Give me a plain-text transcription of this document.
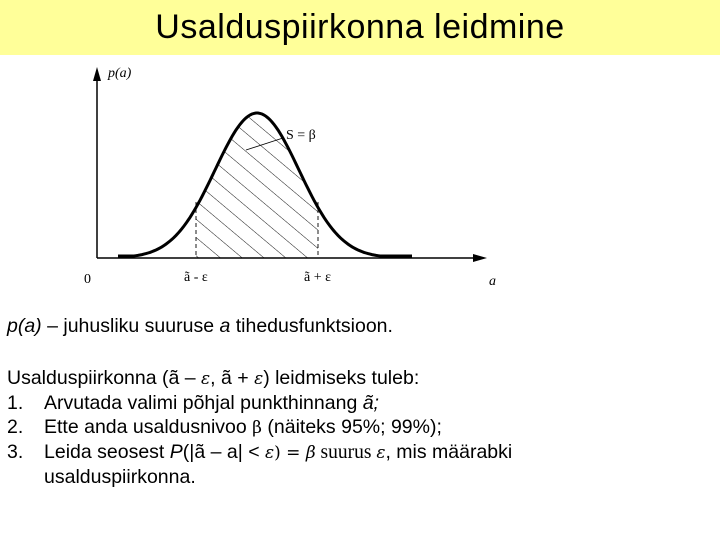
Usalduspiirkonna leidmine
p(a)
S = β
0	ã - ε	ã + ε	a
p(a) – juhusliku suuruse a tihedusfunktsioon.
Usalduspiirkonna (ã – ε, ã + ε) leidmiseks tuleb:
1. Arvutada valimi põhjal punkthinnang ã;
2. Ette anda usaldusnivoo β (näiteks 95%; 99%);
3. Leida seosest P(|ã – a| < ε) = β suurus ε, mis määrabki
usalduspiirkonna.
